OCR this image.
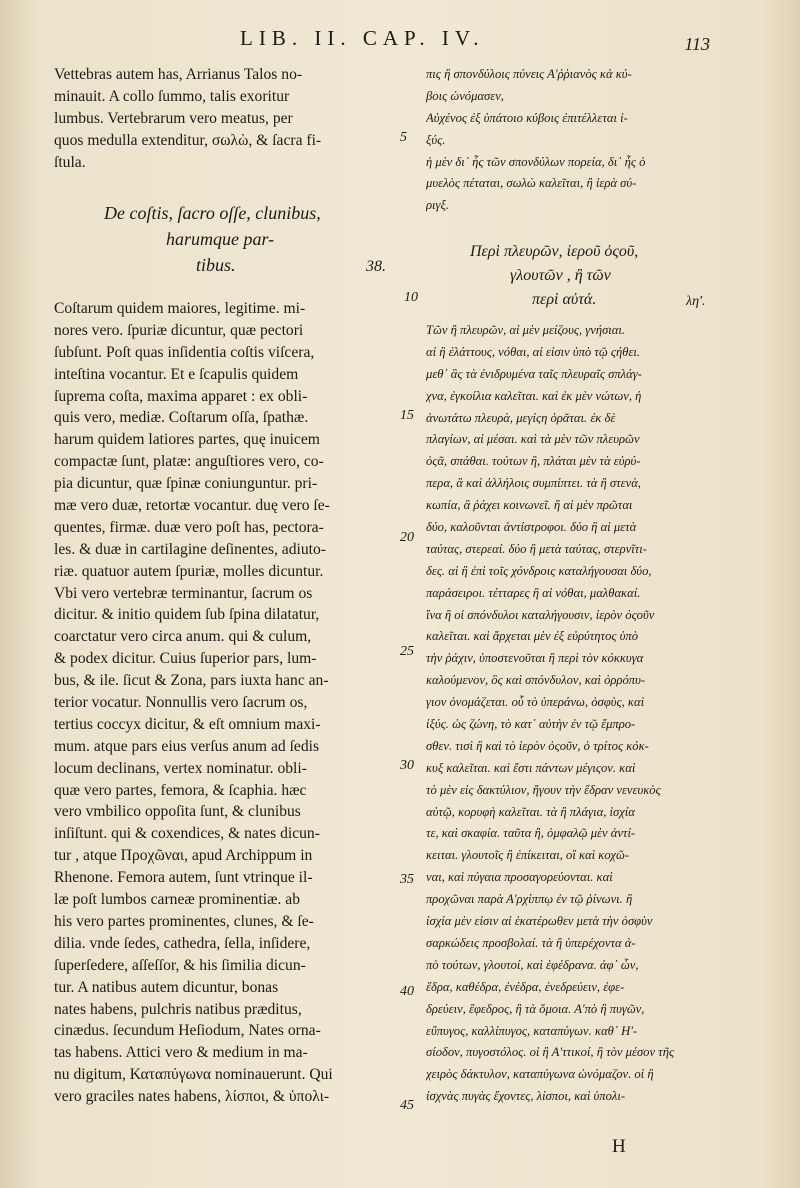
LIB. II. CAP. IV.	113
Vettebras autem has, Arrianus Talos no-
minauit. A collo ſummo, talis exoritur
lumbus. Vertebrarum vero meatus, per
quos medulla extenditur, σωλὼ, & ſacra fi-
ſtula.
De coſtis, ſacro oſſe, clunibus,
harumque par-
tibus.	38.
Coſtarum quidem maiores, legitime. mi-
nores vero. ſpuriæ dicuntur, quæ pectori
ſubſunt. Poſt quas inſidentia coſtis viſcera,
inteſtina vocantur. Et e ſcapulis quidem
ſuprema coſta, maxima apparet : ex obli-
quis vero, mediæ. Coſtarum oſſa, ſpathæ.
harum quidem latiores partes, quę inuicem
compactæ ſunt, platæ: anguſtiores vero, co-
pia dicuntur, quæ ſpinæ coniunguntur. pri-
mæ vero duæ, retortæ vocantur. duę vero ſe-
quentes, firmæ. duæ vero poſt has, pectora-
les. & duæ in cartilagine deſinentes, adiuto-
riæ. quatuor autem ſpuriæ, molles dicuntur.
Vbi vero vertebræ terminantur, ſacrum os
dicitur. & initio quidem ſub ſpina dilatatur,
coarctatur vero circa anum. qui & culum,
& podex dicitur. Cuius ſuperior pars, lum-
bus, & ile. ſicut & Zona, pars iuxta hanc an-
terior vocatur. Nonnullis vero ſacrum os,
tertius coccyx dicitur, & eſt omnium maxi-
mum. atque pars eius verſus anum ad ſedis
locum declinans, vertex nominatur. obli-
quæ vero partes, femora, & ſcaphia. hæc
vero vmbilico oppoſita ſunt, & clunibus
inſiſtunt. qui & coxendices, & nates dicun-
tur , atque Προχῶναι, apud Archippum in
Rhenone. Femora autem, ſunt vtrinque il-
læ poſt lumbos carneæ prominentiæ. ab
his vero partes prominentes, clunes, & ſe-
dilia. vnde ſedes, cathedra, ſella, inſidere,
ſuperſedere, aſſeſſor, & his ſimilia dicun-
tur. A natibus autem dicuntur, bonas
nates habens, pulchris natibus præditus,
cinædus. ſecundum Heſiodum, Nates orna-
tas habens. Attici vero & medium in ma-
nu digitum, Καταπύγωνα nominauerunt. Qui
vero graciles nates habens, λίσποι, & ὑπολι-
5
10
15
20
25
30
35
40
45
πις ἢ σπονδύλοις πύνεις Α'ῤῥιανὸς κἀ κύ-
βοις ὠνόμασεν,
Αὐχένος ἐξ ὑπάτοιο κύβοις ἐπιτέλλεται ἰ-
ξύς.
ἡ μὲν δι᾽ ἧς τῶν σπονδύλων πορεία, δι᾽ ἧς ὁ
μυελὸς πέταται, σωλὼ καλεῖται, ἢ ἱερὰ σύ-
ριγξ.
Περὶ πλευρῶν, ἱεροῦ ὀςοῦ,
γλουτῶν , ἢ τῶν
περὶ αὐτά.	λη'.
Τῶν ἢ πλευρῶν, αἱ μὲν μείζους, γνήσιαι.
αἱ ἢ ἐλάττους, νόθαι, αἱ εἰσιν ὑπὸ τῷ ςήθει.
μεθ᾽ ἃς τὰ ἐνιδρυμένα ταῖς πλευραῖς σπλάγ-
χνα, ἐγκοίλια καλεῖται. καὶ ἐκ μὲν νώτων, ἡ
ἀνωτάτω πλευρὰ, μεγίςη ὁρᾶται. ἐκ δὲ
πλαγίων, αἱ μέσαι. καὶ τὰ μὲν τῶν πλευρῶν
ὀςᾶ, σπάθαι. τούτων ἢ, πλάται μὲν τὰ εὐρύ-
περα, ἃ καὶ ἀλλήλοις συμπίπτει. τὰ ἢ στενὰ,
κωπία, ἃ ῥάχει κοινωνεῖ. ἢ αἱ μὲν πρῶται
δύο, καλοῦνται ἀντίστροφοι. δύο ἢ αἱ μετὰ
ταύτας, στερεαί. δύο ἢ μετὰ ταύτας, στερνῖτι-
δες. αἱ ἢ ἐπὶ τοῖς χόνδροις καταλήγουσαι δύο,
παράσειροι. τέτταρες ἢ αἱ νόθαι, μαλθακαί.
ἵνα ἢ οἱ σπόνδυλοι καταλήγουσιν, ἱερὸν ὀςοῦν
καλεῖται. καὶ ἄρχεται μὲν ἐξ εὐρύτητος ὑπὸ
τὴν ῥάχιν, ὑποστενοῦται ἢ περὶ τὸν κόκκυγα
καλούμενον, ὃς καὶ σπόνδυλον, καὶ ὀρρόπυ-
γιον ὀνομάζεται. οὗ τὸ ὑπεράνω, ὀσφὺς, καὶ
ἰξύς. ὡς ζώνη, τὸ κατ᾽ αὐτὴν ἐν τῷ ἔμπρο-
σθεν. τισὶ ἢ καὶ τὸ ἱερὸν ὀςοῦν, ὁ τρίτος κόκ-
κυξ καλεῖται. καὶ ἔστι πάντων μέγιςον. καὶ
τὸ μὲν εἰς δακτύλιον, ἤγουν τὴν ἕδραν νενευκὸς
αὐτῷ, κορυφὴ καλεῖται. τὰ ἢ πλάγια, ἰσχία
τε, καὶ σκαφία. ταῦτα ἢ, ὀμφαλῷ μὲν ἀντί-
κειται. γλουτοῖς ἢ ἐπίκειται, οἳ καὶ κοχῶ-
ναι, καὶ πύγαια προσαγορεύονται. καὶ
προχῶναι παρὰ Α'ρχίππῳ ἐν τῷ ῥίνωνι. ἢ
ἰσχία μὲν εἰσιν αἱ ἑκατέρωθεν μετὰ τὴν ὀσφὺν
σαρκώδεις προσβολαί. τὰ ἢ ὑπερέχοντα ἀ-
πὸ τούτων, γλουτοί, καὶ ἑφέδρανα. ἀφ᾽ ὧν,
ἕδρα, καθέδρα, ἐνέδρα, ἐνεδρεύειν, ἐφε-
δρεύειν, ἔφεδρος, ἢ τὰ ὅμοια. Α'πὸ ἢ πυγῶν,
εὔπυγος, καλλίπυγος, καταπύγων. καθ᾽ Η'-
σίοδον, πυγοστόλος. οἱ ἢ Α'ττικοί, ἢ τὸν μέσον τῆς
χειρὸς δάκτυλον, καταπύγωνα ὠνόμαζον. οἱ ἢ
ἰσχνὰς πυγὰς ἔχοντες, λίσποι, καὶ ὑπολι-
H
